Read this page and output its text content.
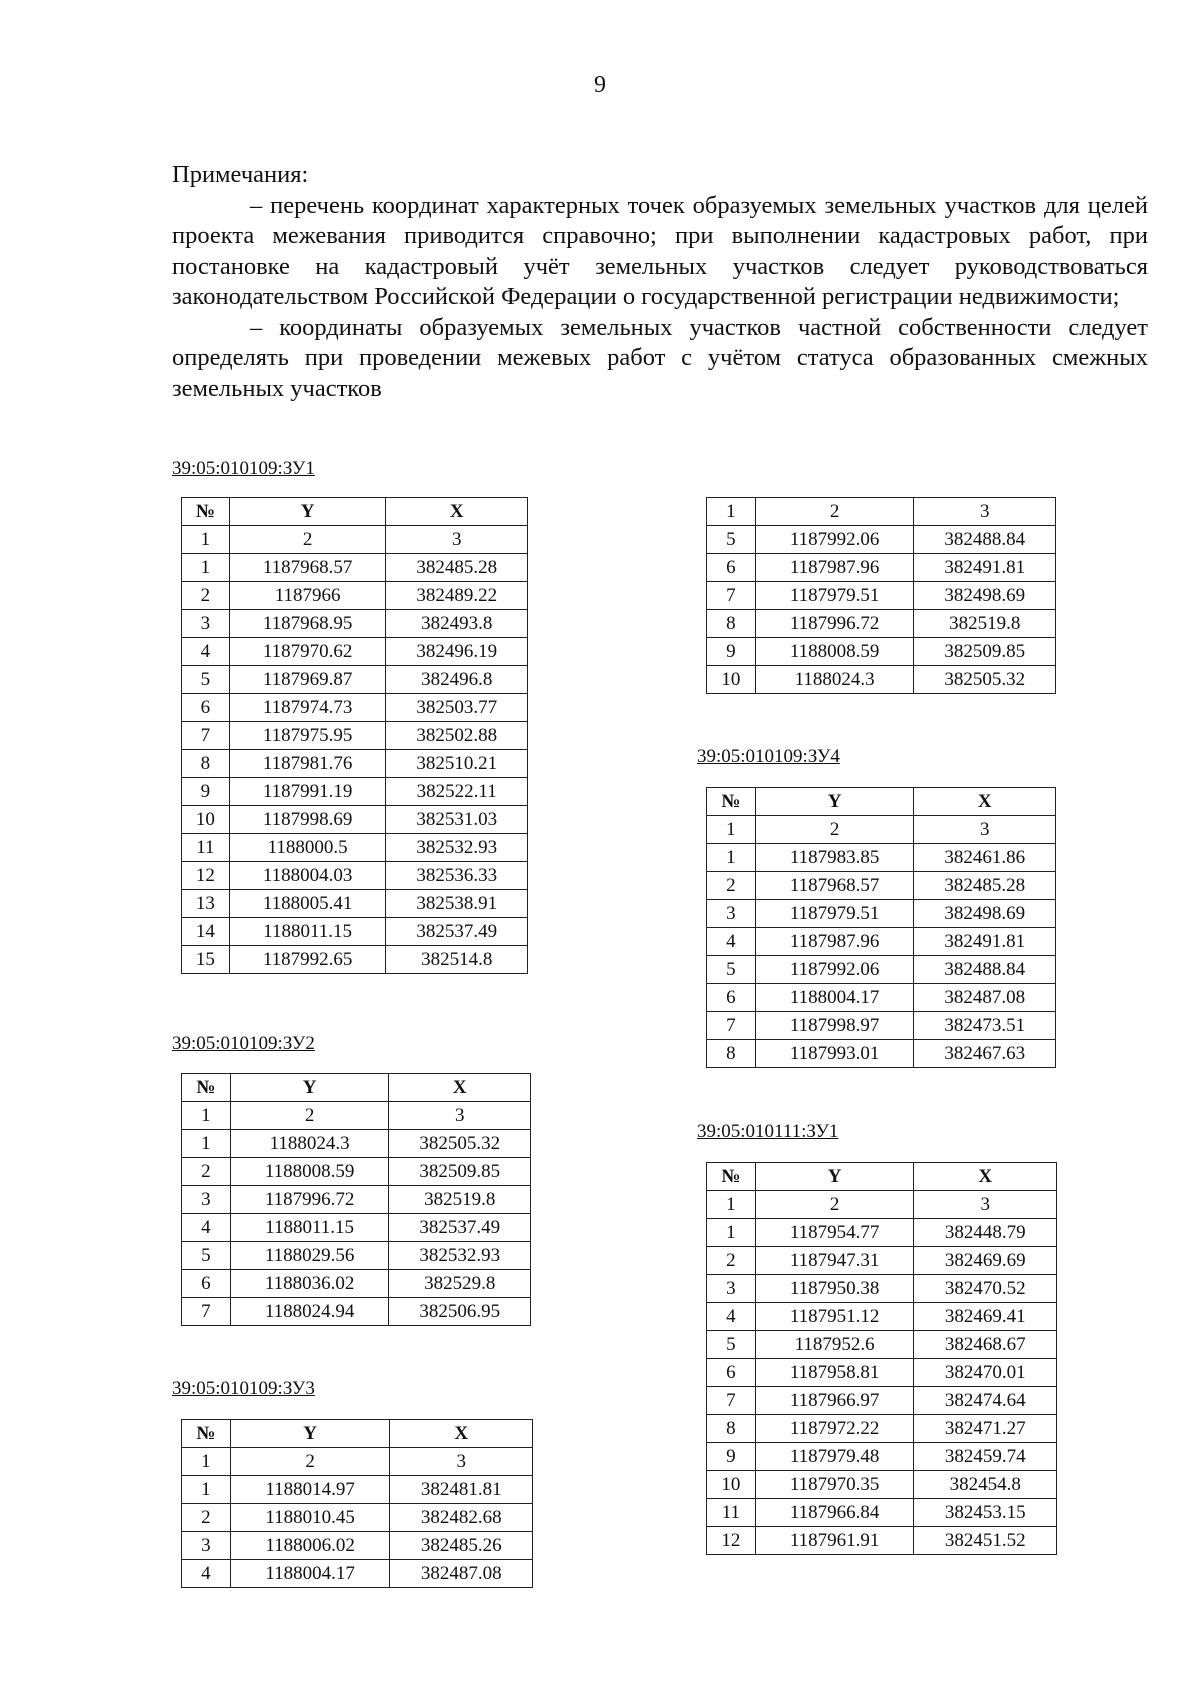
9

Примечания:

– перечень координат характерных точек образуемых земельных участков для целей проекта межевания приводится справочно; при выполнении кадастровых работ, при постановке на кадастровый учёт земельных участков следует руководствоваться законодательством Российской Федерации о государственной регистрации недвижимости;

– координаты образуемых земельных участков частной собственности следует определять при проведении межевых работ с учётом статуса образованных смежных земельных участков

39:05:010109:ЗУ1
№	Y	X
1	2	3
1	1187968.57	382485.28
2	1187966	382489.22
3	1187968.95	382493.8
4	1187970.62	382496.19
5	1187969.87	382496.8
6	1187974.73	382503.77
7	1187975.95	382502.88
8	1187981.76	382510.21
9	1187991.19	382522.11
10	1187998.69	382531.03
11	1188000.5	382532.93
12	1188004.03	382536.33
13	1188005.41	382538.91
14	1188011.15	382537.49
15	1187992.65	382514.8
39:05:010109:ЗУ2
№	Y	X
1	2	3
1	1188024.3	382505.32
2	1188008.59	382509.85
3	1187996.72	382519.8
4	1188011.15	382537.49
5	1188029.56	382532.93
6	1188036.02	382529.8
7	1188024.94	382506.95
39:05:010109:ЗУ3
№	Y	X
1	2	3
1	1188014.97	382481.81
2	1188010.45	382482.68
3	1188006.02	382485.26
4	1188004.17	382487.08
1	2	3
5	1187992.06	382488.84
6	1187987.96	382491.81
7	1187979.51	382498.69
8	1187996.72	382519.8
9	1188008.59	382509.85
10	1188024.3	382505.32
39:05:010109:ЗУ4
№	Y	X
1	2	3
1	1187983.85	382461.86
2	1187968.57	382485.28
3	1187979.51	382498.69
4	1187987.96	382491.81
5	1187992.06	382488.84
6	1188004.17	382487.08
7	1187998.97	382473.51
8	1187993.01	382467.63
39:05:010111:ЗУ1
№	Y	X
1	2	3
1	1187954.77	382448.79
2	1187947.31	382469.69
3	1187950.38	382470.52
4	1187951.12	382469.41
5	1187952.6	382468.67
6	1187958.81	382470.01
7	1187966.97	382474.64
8	1187972.22	382471.27
9	1187979.48	382459.74
10	1187970.35	382454.8
11	1187966.84	382453.15
12	1187961.91	382451.52
